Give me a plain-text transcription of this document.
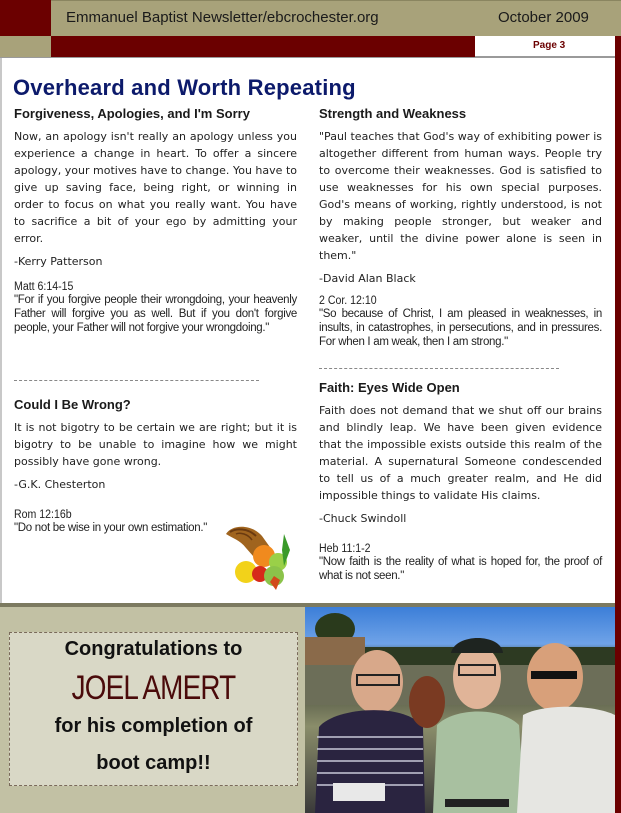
Emmanuel Baptist Newsletter/ebcrochester.org	October 2009
Page 3
Overheard and Worth Repeating
Forgiveness, Apologies, and I'm Sorry
Now, an apology isn't really an apology unless you experience a change in heart. To offer a sincere apology, your motives have to change. You have to give up saving face, being right, or winning in order to focus on what you really want. You have to sacrifice a bit of your ego by admitting your error.
-Kerry Patterson
Matt 6:14-15
"For if you forgive people their wrongdoing, your heavenly Father will forgive you as well. But if you don't forgive people, your Father will not forgive your wrongdoing."
Could I Be Wrong?
It is not bigotry to be certain we are right; but it is bigotry to be unable to imagine how we might possibly have gone wrong.
-G.K. Chesterton
Rom 12:16b
"Do not be wise in your own estimation."
Strength and Weakness
"Paul teaches that God's way of exhibiting power is altogether different from human ways. People try to overcome their weaknesses. God is satisfied to use weaknesses for his own special purposes. God's means of working, rightly understood, is not by making people stronger, but weaker and weaker, until the divine power alone is seen in them."
-David Alan Black
2 Cor. 12:10
"So because of Christ, I am pleased in weaknesses, in insults, in catastrophes, in persecutions, and in pressures. For when I am weak, then I am strong."
Faith: Eyes Wide Open
Faith does not demand that we shut off our brains and blindly leap. We have been given evidence that the impossible exists outside this realm of the material. A supernatural Someone condescended to tell us of a much greater realm, and He did impossible things to validate His claims.
-Chuck Swindoll
Heb 11:1-2
"Now faith is the reality of what is hoped for, the proof of what is not seen."
Congratulations to
JOEL AMERT
for his completion of
boot camp!!
